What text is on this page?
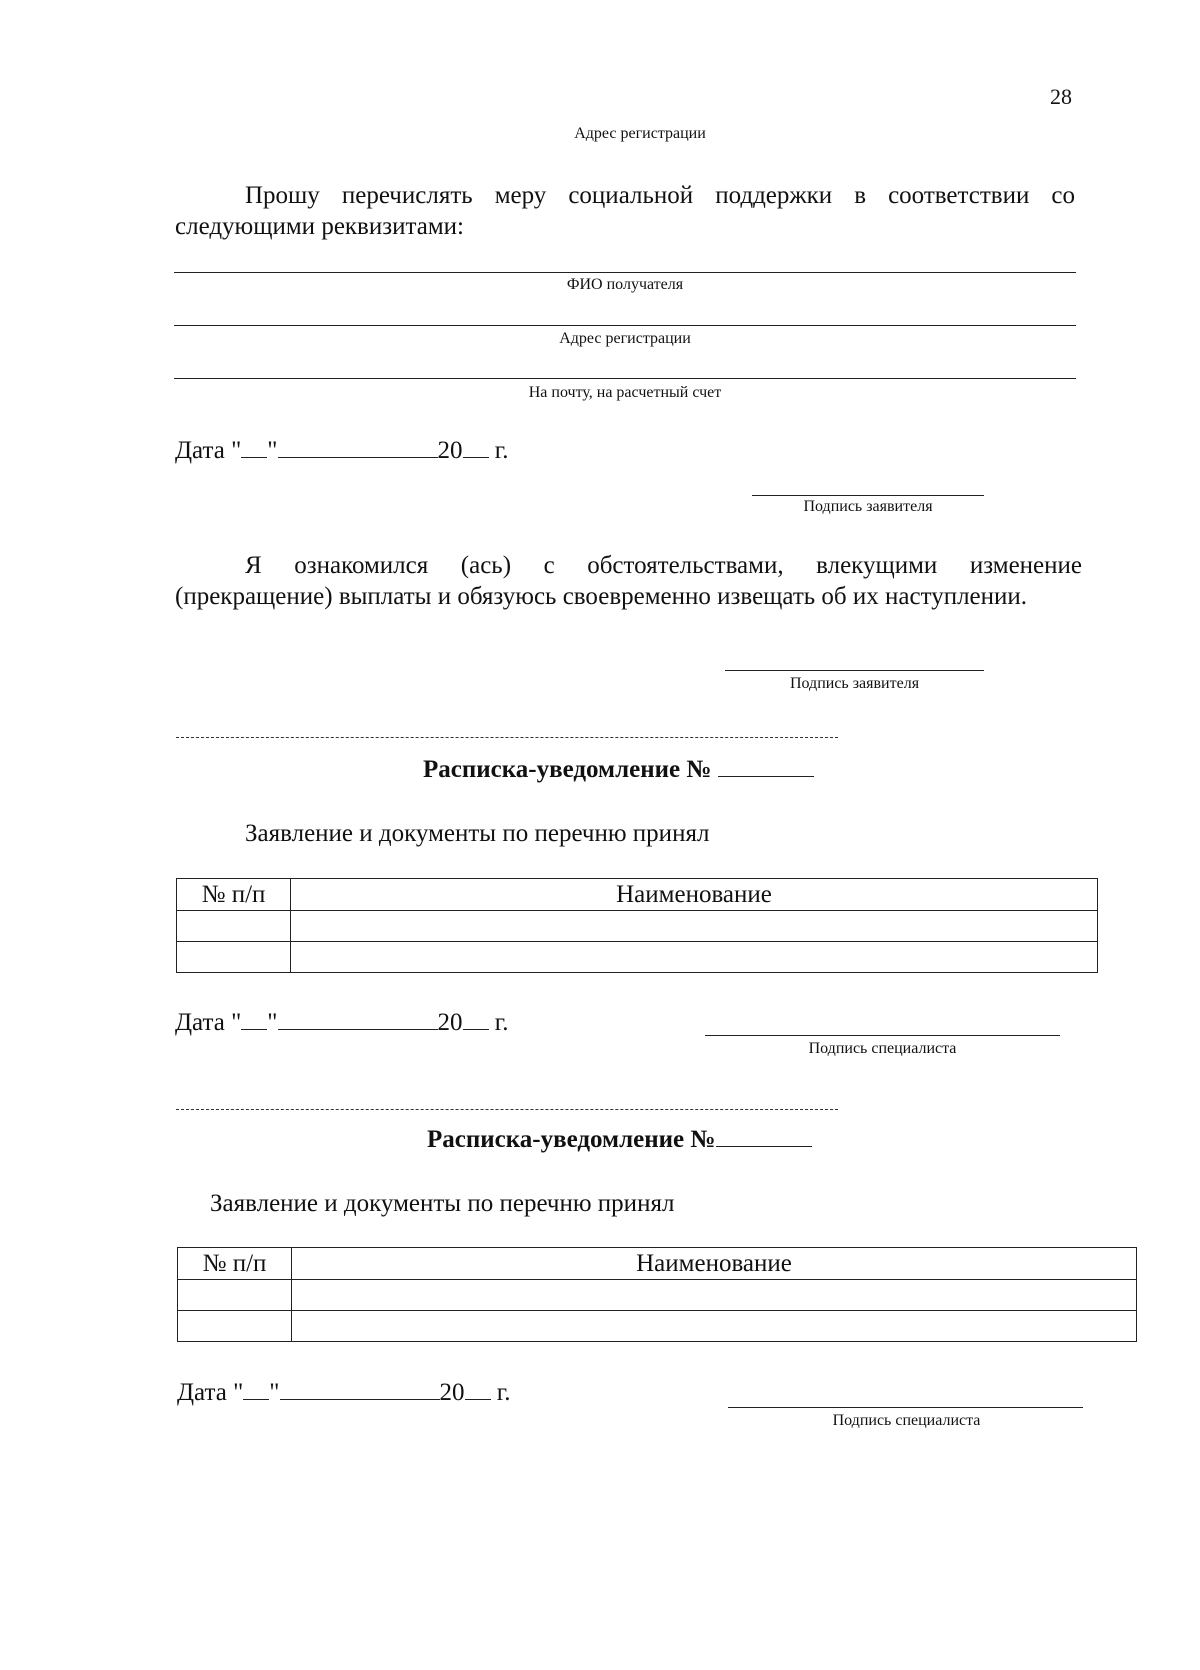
28
Адрес регистрации
Прошу перечислять меру социальной поддержки в соответствии со следующими реквизитами:
ФИО получателя
Адрес регистрации
На почту, на расчетный счет
Дата " "	20 г.
Подпись заявителя
Я ознакомился (ась) с обстоятельствами, влекущими изменение (прекращение) выплаты и обязуюсь своевременно извещать об их наступлении.
Подпись заявителя
Расписка-уведомление №
Заявление и документы по перечню принял
№ п/п	Наименование

Дата " "	20 г.
Подпись специалиста
Расписка-уведомление №
Заявление и документы по перечню принял
№ п/п	Наименование

Дата " "	20 г.
Подпись специалиста
